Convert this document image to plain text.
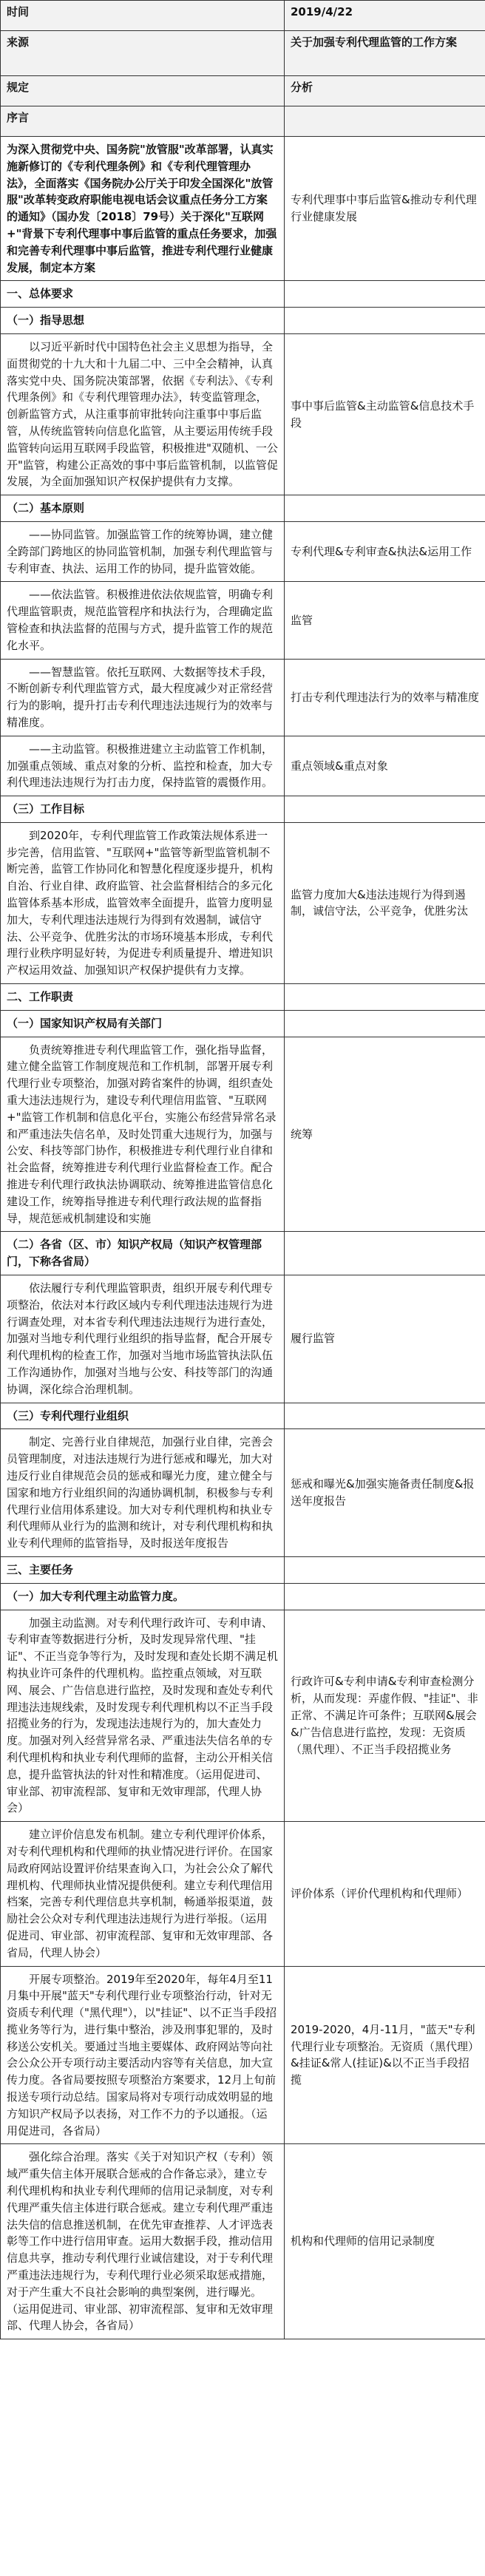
时间	2019/4/22
来源	关于加强专利代理监管的工作方案
规定	分析
序言	
为深入贯彻党中央、国务院"放管服"改革部署，认真实施新修订的《专利代理条例》和《专利代理管理办法》，全面落实《国务院办公厅关于印发全国深化"放管服"改革转变政府职能电视电话会议重点任务分工方案的通知》（国办发〔2018〕79号）关于深化"互联网+"背景下专利代理事中事后监管的重点任务要求，加强和完善专利代理事中事后监管，推进专利代理行业健康发展，制定本方案	专利代理事中事后监管&推动专利代理行业健康发展
一、总体要求	
（一）指导思想	
以习近平新时代中国特色社会主义思想为指导，全面贯彻党的十九大和十九届二中、三中全会精神，认真落实党中央、国务院决策部署，依据《专利法》、《专利代理条例》和《专利代理管理办法》，转变监管理念，创新监管方式，从注重事前审批转向注重事中事后监管，从传统监管转向信息化监管，从主要运用传统手段监管转向运用互联网手段监管，积极推进"双随机、一公开"监管，构建公正高效的事中事后监管机制，以监管促发展，为全面加强知识产权保护提供有力支撑。	事中事后监管&主动监管&信息技术手段
（二）基本原则	
——协同监管。加强监管工作的统筹协调，建立健全跨部门跨地区的协同监管机制，加强专利代理监管与专利审查、执法、运用工作的协同，提升监管效能。	专利代理&专利审查&执法&运用工作
——依法监管。积极推进依法依规监管，明确专利代理监管职责，规范监管程序和执法行为，合理确定监管检查和执法监督的范围与方式，提升监管工作的规范化水平。	监管
——智慧监管。依托互联网、大数据等技术手段，不断创新专利代理监管方式，最大程度减少对正常经营行为的影响，提升打击专利代理违法违规行为的效率与精准度。	打击专利代理违法行为的效率与精准度
——主动监管。积极推进建立主动监管工作机制，加强重点领域、重点对象的分析、监控和检查，加大专利代理违法违规行为打击力度，保持监管的震慑作用。	重点领域&重点对象
（三）工作目标	
到2020年，专利代理监管工作政策法规体系进一步完善，信用监管、"互联网+"监管等新型监管机制不断完善，监管工作协同化和智慧化程度逐步提升，机构自治、行业自律、政府监管、社会监督相结合的多元化监管体系基本形成，监管效率全面提升，监管力度明显加大，专利代理违法违规行为得到有效遏制，诚信守法、公平竞争、优胜劣汰的市场环境基本形成，专利代理行业秩序明显好转，为促进专利质量提升、增进知识产权运用效益、加强知识产权保护提供有力支撑。	监管力度加大&违法违规行为得到遏制，诚信守法，公平竞争，优胜劣汰
二、工作职责	
（一）国家知识产权局有关部门	
负责统筹推进专利代理监管工作，强化指导监督，建立健全监管工作制度规范和工作机制，部署开展专利代理行业专项整治，加强对跨省案件的协调，组织查处重大违法违规行为，建设专利代理信用监管、"互联网+"监管工作机制和信息化平台，实施公布经营异常名录和严重违法失信名单，及时处罚重大违规行为，加强与公安、科技等部门协作，积极推进专利代理行业自律和社会监督，统筹推进专利代理行业监督检查工作。配合推进专利代理行政执法协调联动、统筹推进监管信息化建设工作，统筹指导推进专利代理行政法规的监督指导，规范惩戒机制建设和实施	统筹
（二）各省（区、市）知识产权局（知识产权管理部门，下称各省局）	
依法履行专利代理监管职责，组织开展专利代理专项整治，依法对本行政区域内专利代理违法违规行为进行调查处理，对本省专利代理违法违规行为进行查处，加强对当地专利代理行业组织的指导监督，配合开展专利代理机构的检查工作，加强对当地市场监管执法队伍工作沟通协作，加强对当地与公安、科技等部门的沟通协调，深化综合治理机制。	履行监管
（三）专利代理行业组织	
制定、完善行业自律规范，加强行业自律，完善会员管理制度，对违法违规行为进行惩戒和曝光，加大对违反行业自律规范会员的惩戒和曝光力度，建立健全与国家和地方行业组织间的沟通协调机制，积极参与专利代理行业信用体系建设。加大对专利代理机构和执业专利代理师从业行为的监测和统计，对专利代理机构和执业专利代理师的监管指导，及时报送年度报告	惩戒和曝光&加强实施备责任制度&报送年度报告
三、主要任务	
（一）加大专利代理主动监管力度。	
加强主动监测。对专利代理行政许可、专利申请、专利审查等数据进行分析，及时发现异常代理、"挂证"、不正当竞争等行为，及时发现和查处长期不满足机构执业许可条件的代理机构。监控重点领域，对互联网、展会、广告信息进行监控，及时发现和查处专利代理违法违规线索，及时发现专利代理机构以不正当手段招揽业务的行为，发现违法违规行为的，加大查处力度。加强对列入经营异常名录、严重违法失信名单的专利代理机构和执业专利代理师的监督，主动公开相关信息，提升监管执法的针对性和精准度。（运用促进司、审业部、初审流程部、复审和无效审理部，代理人协会）	行政许可&专利申请&专利审查检测分析，从而发现：弄虚作假、"挂证"、非正常、不满足许可条件；互联网&展会&广告信息进行监控，发现：无资质（黑代理）、不正当手段招揽业务
建立评价信息发布机制。建立专利代理评价体系，对专利代理机构和代理师的执业情况进行评价。在国家局政府网站设置评价结果查询入口，为社会公众了解代理机构、代理师执业情况提供便利。建立专利代理信用档案，完善专利代理信息共享机制，畅通举报渠道，鼓励社会公众对专利代理违法违规行为进行举报。（运用促进司、审业部、初审流程部、复审和无效审理部、各省局，代理人协会）	评价体系（评价代理机构和代理师）
开展专项整治。2019年至2020年，每年4月至11月集中开展"蓝天"专利代理行业专项整治行动，针对无资质专利代理（"黑代理"），以"挂证"、以不正当手段招揽业务等行为，进行集中整治，涉及刑事犯罪的，及时移送公安机关。要通过当地主要媒体、政府网站等向社会公众公开专项行动主要活动内容等有关信息，加大宣传力度。各省局要按照专项整治方案要求，12月上旬前报送专项行动总结。国家局将对专项行动成效明显的地方知识产权局予以表扬，对工作不力的予以通报。（运用促进司，各省局）	2019-2020，4月-11月，"蓝天"专利代理行业专项整治。无资质（黑代理）&挂证&常人(挂证)&以不正当手段招揽
强化综合治理。落实《关于对知识产权（专利）领域严重失信主体开展联合惩戒的合作备忘录》，建立专利代理机构和执业专利代理师的信用记录制度，对专利代理严重失信主体进行联合惩戒。建立专利代理严重违法失信的信息推送机制，在优先审查推荐、人才评选表彰等工作中进行信用审查。运用大数据手段，推动信用信息共享，推动专利代理行业诚信建设，对于专利代理严重违法违规行为，专利代理行业必须采取惩戒措施，对于产生重大不良社会影响的典型案例，进行曝光。（运用促进司、审业部、初审流程部、复审和无效审理部、代理人协会，各省局）	机构和代理师的信用记录制度
